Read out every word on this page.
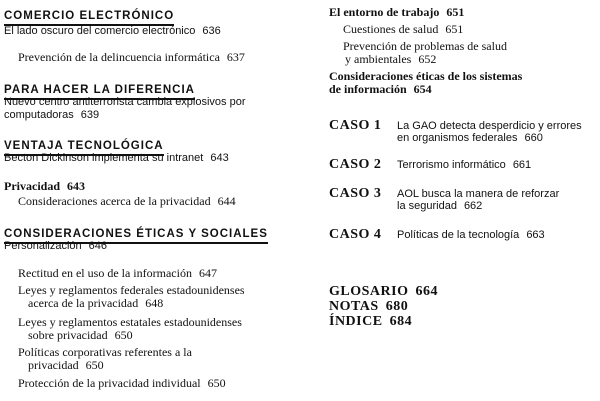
COMERCIO ELECTRÓNICO
El lado oscuro del comercio electrónico 636
Prevención de la delincuencia informática 637
PARA HACER LA DIFERENCIA
Nuevo centro antiterrorista cambia explosivos por
computadoras 639
VENTAJA TECNOLÓGICA
Becton Dickinson implementa su intranet 643
Privacidad 643
Consideraciones acerca de la privacidad 644
CONSIDERACIONES ÉTICAS Y SOCIALES
Personalización 646
Rectitud en el uso de la información 647
Leyes y reglamentos federales estadounidenses
acerca de la privacidad 648
Leyes y reglamentos estatales estadounidenses
sobre privacidad 650
Políticas corporativas referentes a la
privacidad 650
Protección de la privacidad individual 650
El entorno de trabajo 651
Cuestiones de salud 651
Prevención de problemas de salud
y ambientales 652
Consideraciones éticas de los sistemas
de información 654
CASO 1	La GAO detecta desperdicio y errores
en organismos federales 660
CASO 2	Terrorismo informático 661
CASO 3	AOL busca la manera de reforzar
la seguridad 662
CASO 4	Políticas de la tecnología 663
GLOSARIO 664
NOTAS 680
ÍNDICE 684
